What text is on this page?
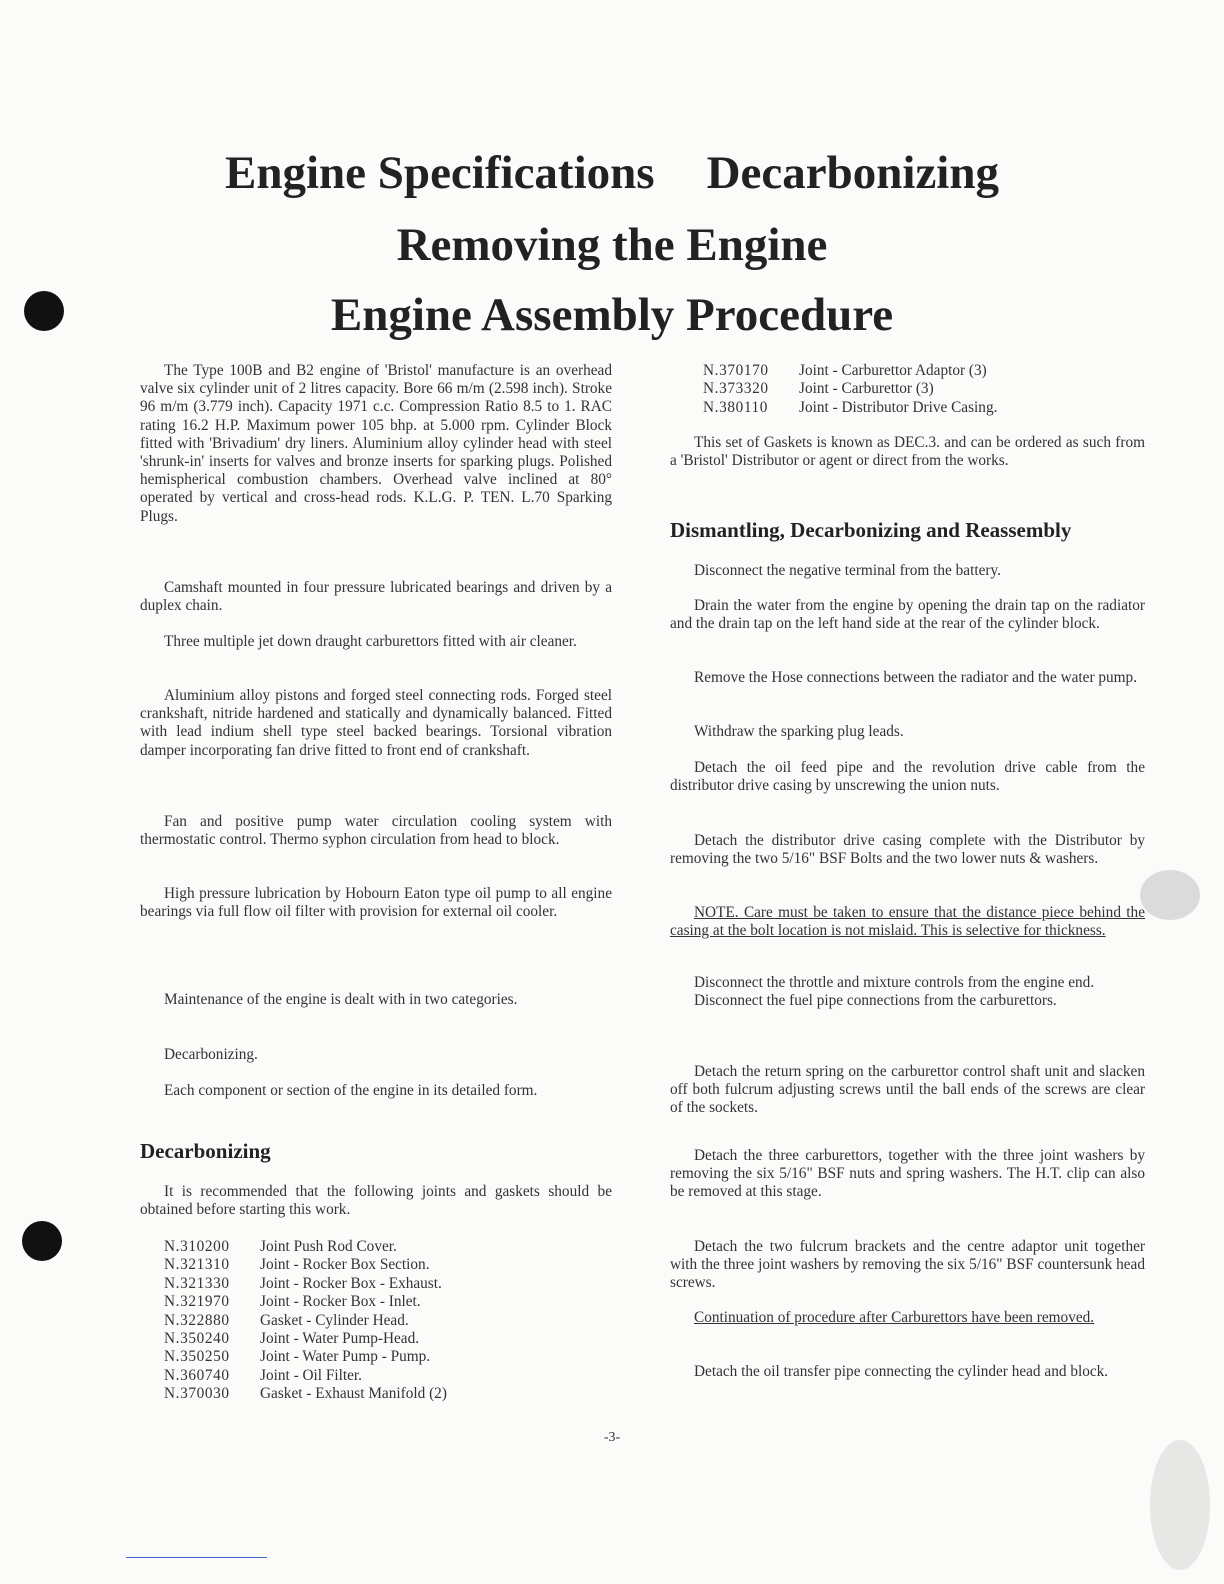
Engine Specifications Decarbonizing
Removing the Engine
Engine Assembly Procedure

The Type 100B and B2 engine of 'Bristol' manufacture is an overhead valve six cylinder unit of 2 litres capacity. Bore 66 m/m (2.598 inch). Stroke 96 m/m (3.779 inch). Capacity 1971 c.c. Compression Ratio 8.5 to 1. RAC rating 16.2 H.P. Maximum power 105 bhp. at 5.000 rpm. Cylinder Block fitted with 'Brivadium' dry liners. Aluminium alloy cylinder head with steel 'shrunk-in' inserts for valves and bronze inserts for sparking plugs. Polished hemispherical combustion chambers. Overhead valve inclined at 80° operated by vertical and cross-head rods. K.L.G. P. TEN. L.70 Sparking Plugs.

Camshaft mounted in four pressure lubricated bearings and driven by a duplex chain.

Three multiple jet down draught carburettors fitted with air cleaner.

Aluminium alloy pistons and forged steel connecting rods. Forged steel crankshaft, nitride hardened and statically and dynamically balanced. Fitted with lead indium shell type steel backed bearings. Torsional vibration damper incorporating fan drive fitted to front end of crankshaft.

Fan and positive pump water circulation cooling system with thermostatic control. Thermo syphon circulation from head to block.

High pressure lubrication by Hobourn Eaton type oil pump to all engine bearings via full flow oil filter with provision for external oil cooler.

Maintenance of the engine is dealt with in two categories.

Decarbonizing.

Each component or section of the engine in its detailed form.

Decarbonizing

It is recommended that the following joints and gaskets should be obtained before starting this work.

N.310200	Joint Push Rod Cover.
N.321310	Joint - Rocker Box Section.
N.321330	Joint - Rocker Box - Exhaust.
N.321970	Joint - Rocker Box - Inlet.
N.322880	Gasket - Cylinder Head.
N.350240	Joint - Water Pump-Head.
N.350250	Joint - Water Pump - Pump.
N.360740	Joint - Oil Filter.
N.370030	Gasket - Exhaust Manifold (2)
N.370170	Joint - Carburettor Adaptor (3)
N.373320	Joint - Carburettor (3)
N.380110	Joint - Distributor Drive Casing.

This set of Gaskets is known as DEC.3. and can be ordered as such from a 'Bristol' Distributor or agent or direct from the works.

Dismantling, Decarbonizing and Reassembly

Disconnect the negative terminal from the battery.

Drain the water from the engine by opening the drain tap on the radiator and the drain tap on the left hand side at the rear of the cylinder block.

Remove the Hose connections between the radiator and the water pump.

Withdraw the sparking plug leads.

Detach the oil feed pipe and the revolution drive cable from the distributor drive casing by unscrewing the union nuts.

Detach the distributor drive casing complete with the Distributor by removing the two 5/16" BSF Bolts and the two lower nuts & washers.

NOTE. Care must be taken to ensure that the distance piece behind the casing at the bolt location is not mislaid. This is selective for thickness.

Disconnect the throttle and mixture controls from the engine end.

Disconnect the fuel pipe connections from the carburettors.

Detach the return spring on the carburettor control shaft unit and slacken off both fulcrum adjusting screws until the ball ends of the screws are clear of the sockets.

Detach the three carburettors, together with the three joint washers by removing the six 5/16" BSF nuts and spring washers. The H.T. clip can also be removed at this stage.

Detach the two fulcrum brackets and the centre adaptor unit together with the three joint washers by removing the six 5/16" BSF countersunk head screws.

Continuation of procedure after Carburettors have been removed.

Detach the oil transfer pipe connecting the cylinder head and block.

-3-
